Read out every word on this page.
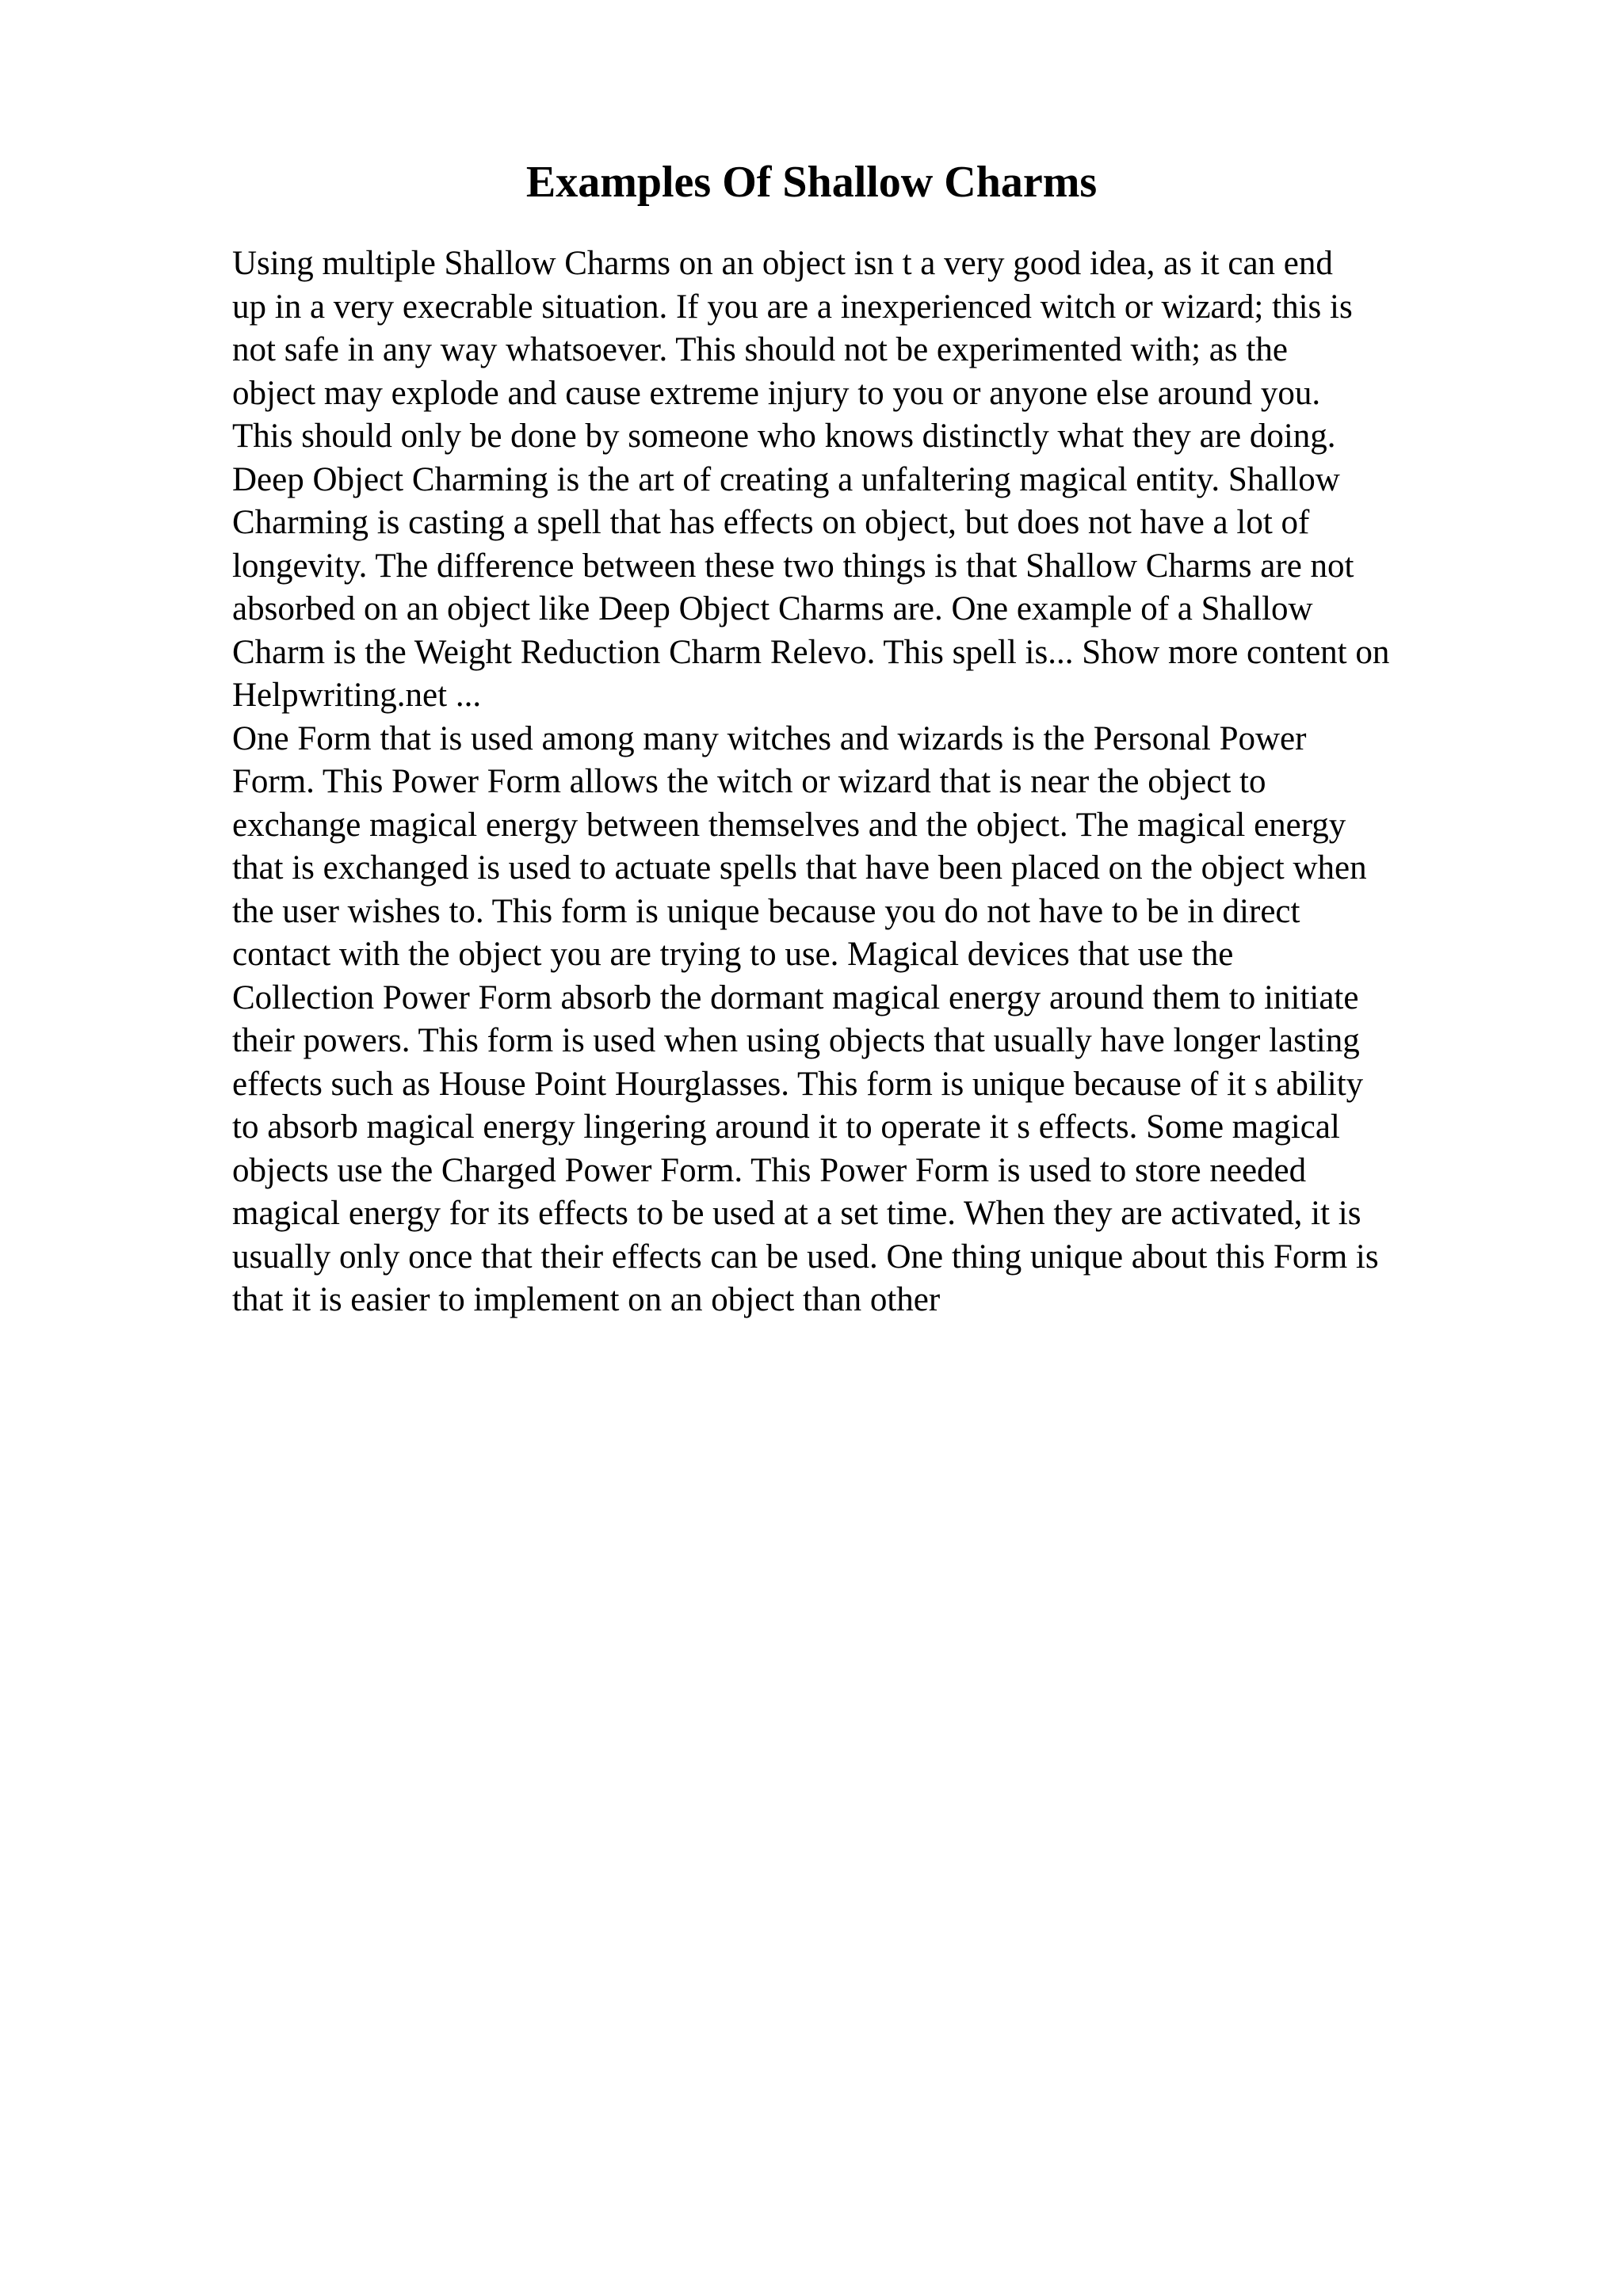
Examples Of Shallow Charms
Using multiple Shallow Charms on an object isn t a very good idea, as it can end
up in a very execrable situation. If you are a inexperienced witch or wizard; this is
not safe in any way whatsoever. This should not be experimented with; as the
object may explode and cause extreme injury to you or anyone else around you.
This should only be done by someone who knows distinctly what they are doing.
Deep Object Charming is the art of creating a unfaltering magical entity. Shallow
Charming is casting a spell that has effects on object, but does not have a lot of
longevity. The difference between these two things is that Shallow Charms are not
absorbed on an object like Deep Object Charms are. One example of a Shallow
Charm is the Weight Reduction Charm Relevo. This spell is... Show more content on
Helpwriting.net ...
One Form that is used among many witches and wizards is the Personal Power
Form. This Power Form allows the witch or wizard that is near the object to
exchange magical energy between themselves and the object. The magical energy
that is exchanged is used to actuate spells that have been placed on the object when
the user wishes to. This form is unique because you do not have to be in direct
contact with the object you are trying to use. Magical devices that use the
Collection Power Form absorb the dormant magical energy around them to initiate
their powers. This form is used when using objects that usually have longer lasting
effects such as House Point Hourglasses. This form is unique because of it s ability
to absorb magical energy lingering around it to operate it s effects. Some magical
objects use the Charged Power Form. This Power Form is used to store needed
magical energy for its effects to be used at a set time. When they are activated, it is
usually only once that their effects can be used. One thing unique about this Form is
that it is easier to implement on an object than other
